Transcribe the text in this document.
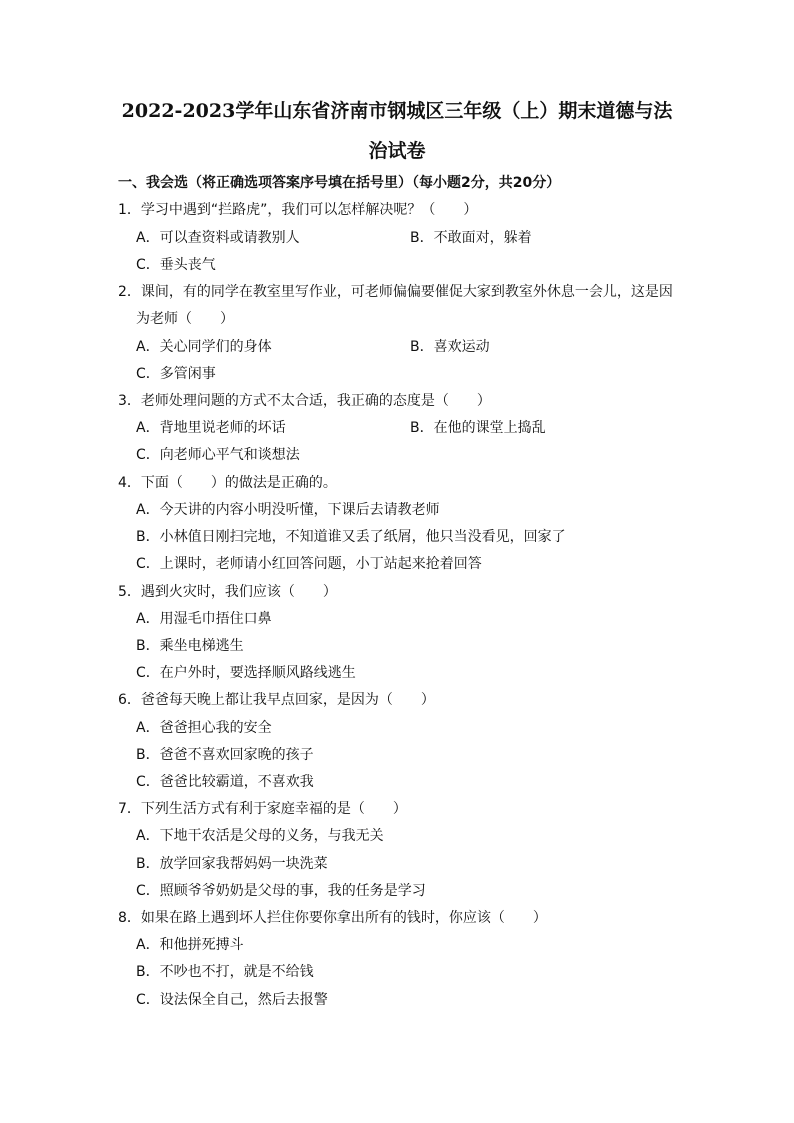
2022-2023学年山东省济南市钢城区三年级（上）期末道德与法
治试卷
一、我会选（将正确选项答案序号填在括号里）（每小题2分，共20分）
1．学习中遇到“拦路虎”，我们可以怎样解决呢？（　　）
A．可以查资料或请教别人	B．不敢面对，躲着
C．垂头丧气
2．课间，有的同学在教室里写作业，可老师偏偏要催促大家到教室外休息一会儿，这是因
为老师（　　）
A．关心同学们的身体	B．喜欢运动
C．多管闲事
3．老师处理问题的方式不太合适，我正确的态度是（　　）
A．背地里说老师的坏话	B．在他的课堂上捣乱
C．向老师心平气和谈想法
4．下面（　　）的做法是正确的。
A．今天讲的内容小明没听懂，下课后去请教老师
B．小林值日刚扫完地，不知道谁又丢了纸屑，他只当没看见，回家了
C．上课时，老师请小红回答问题，小丁站起来抢着回答
5．遇到火灾时，我们应该（　　）
A．用湿毛巾捂住口鼻
B．乘坐电梯逃生
C．在户外时，要选择顺风路线逃生
6．爸爸每天晚上都让我早点回家，是因为（　　）
A．爸爸担心我的安全
B．爸爸不喜欢回家晚的孩子
C．爸爸比较霸道，不喜欢我
7．下列生活方式有利于家庭幸福的是（　　）
A．下地干农活是父母的义务，与我无关
B．放学回家我帮妈妈一块洗菜
C．照顾爷爷奶奶是父母的事，我的任务是学习
8．如果在路上遇到坏人拦住你要你拿出所有的钱时，你应该（　　）
A．和他拼死搏斗
B．不吵也不打，就是不给钱
C．设法保全自己，然后去报警
